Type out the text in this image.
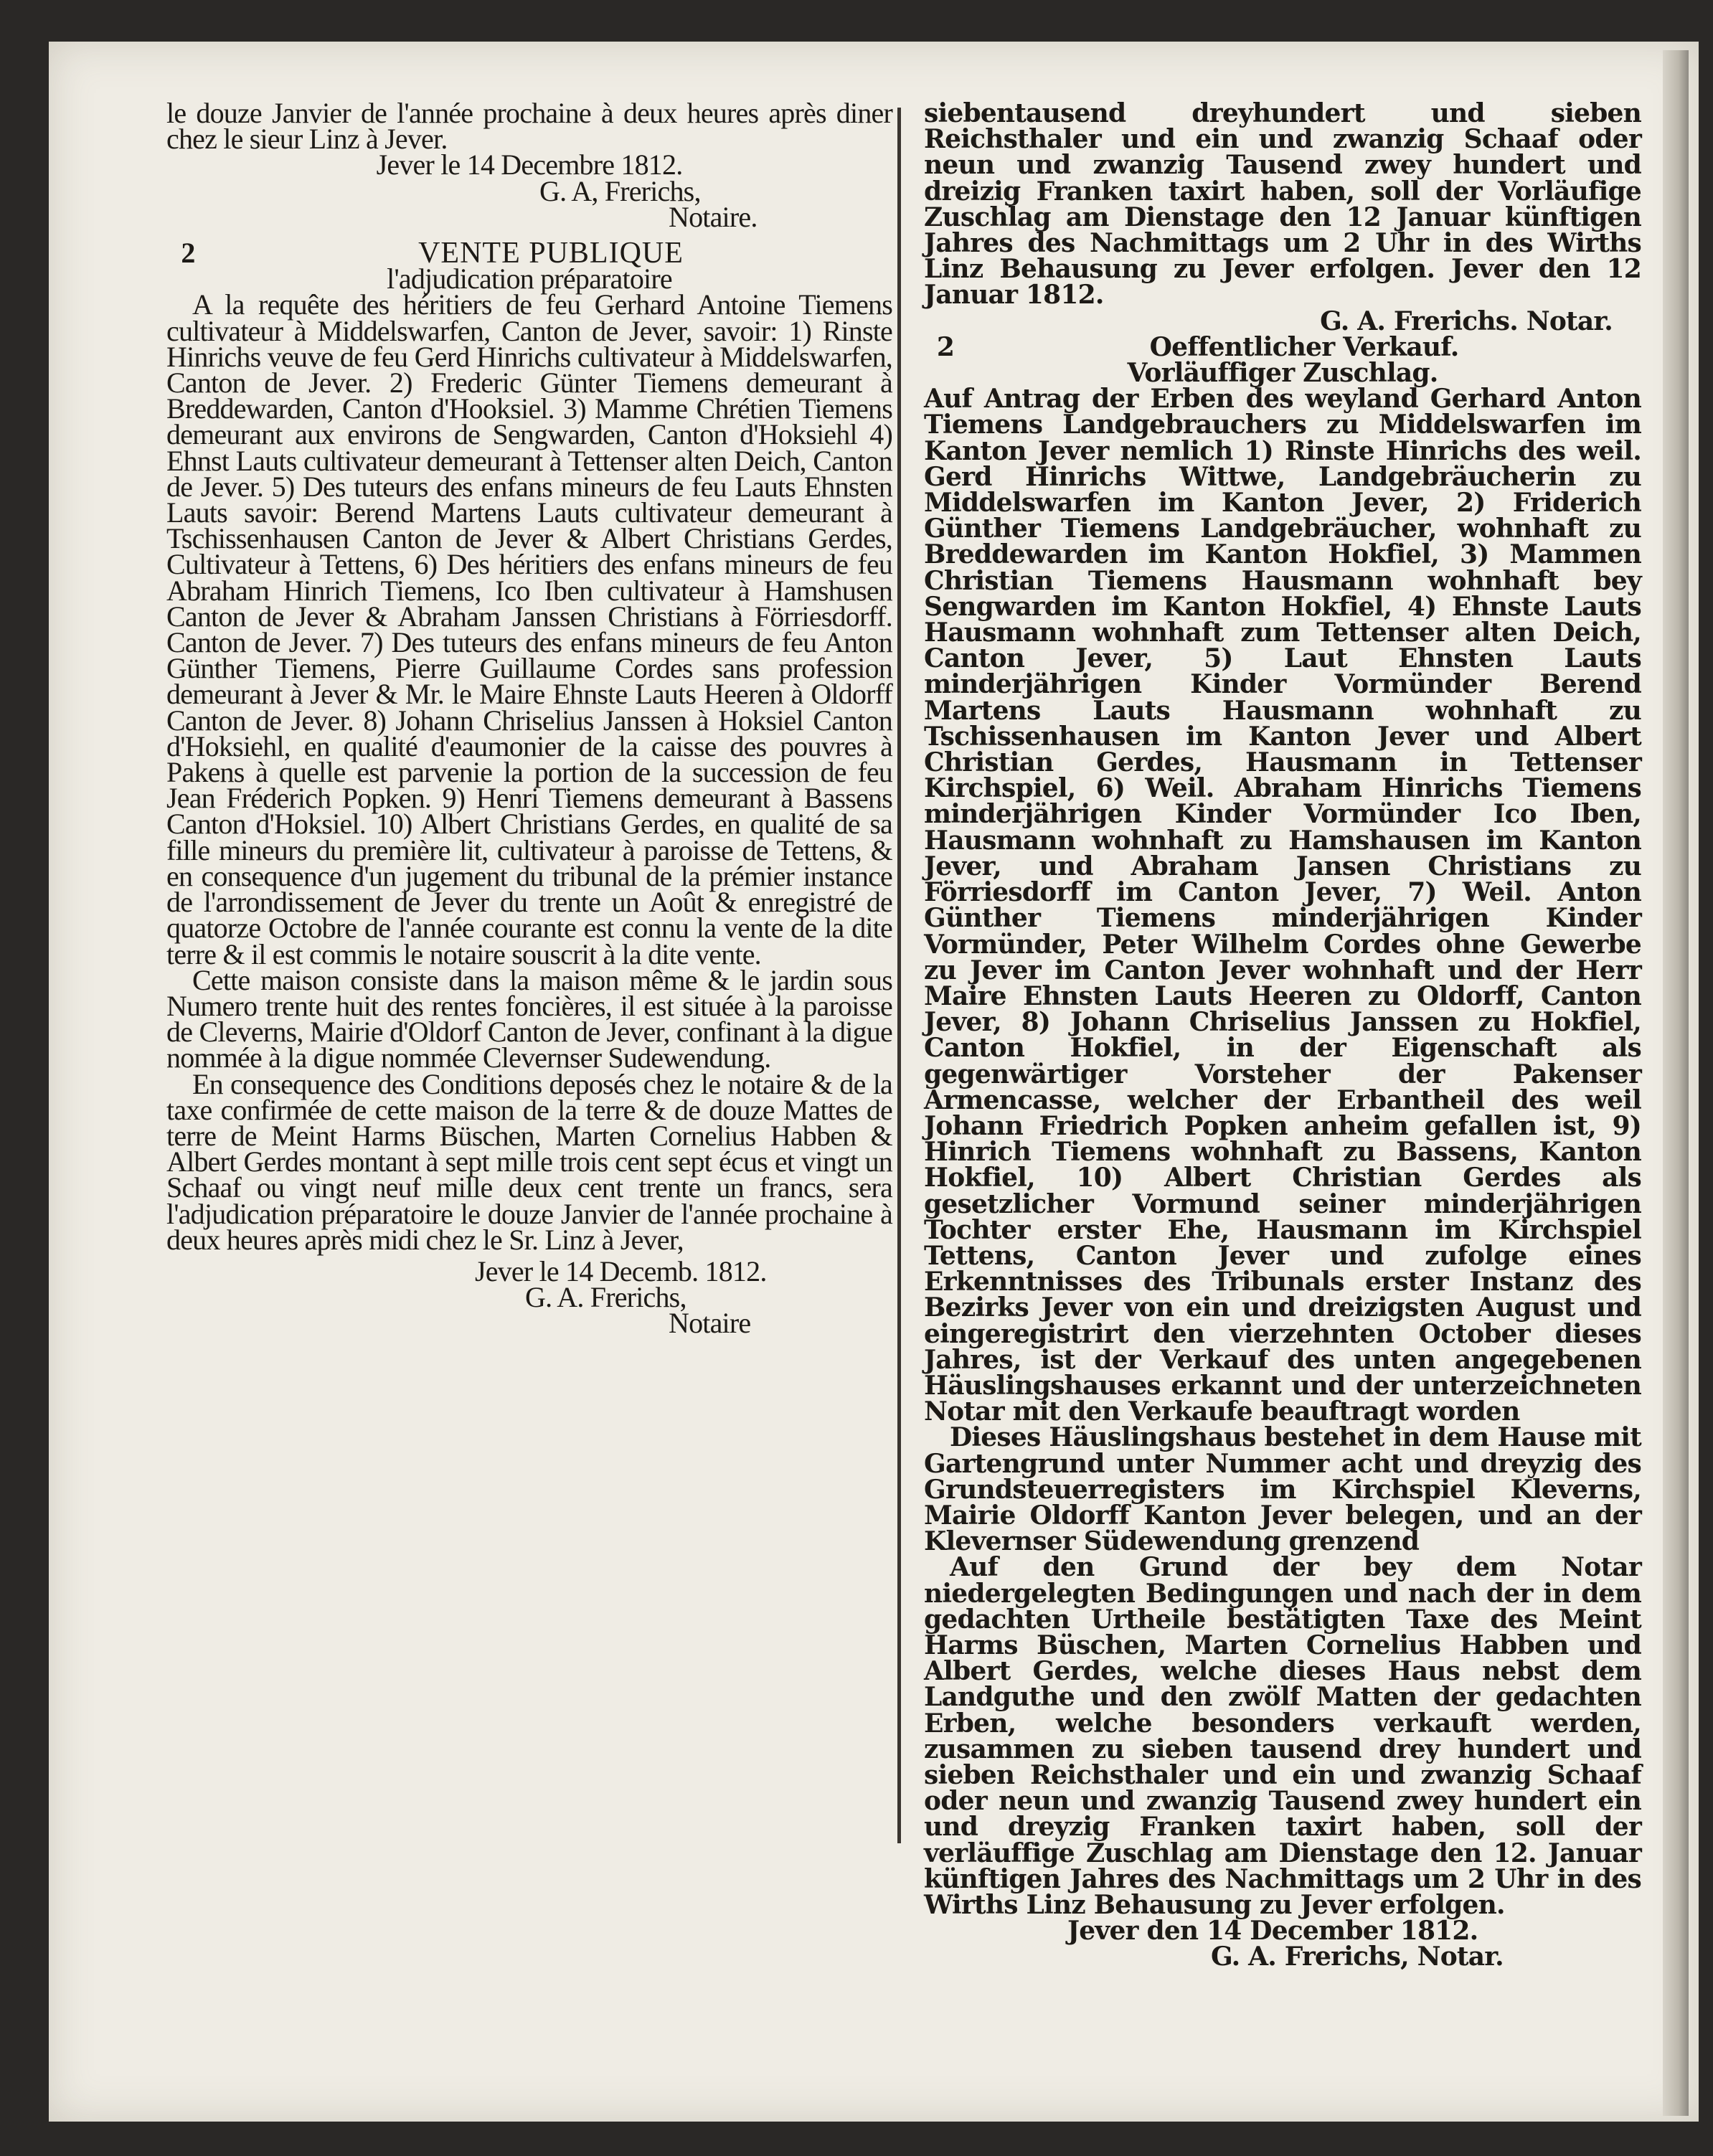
le douze Janvier de l'année prochaine à deux heures après diner chez le sieur Linz à Jever.

Jever le 14 Decembre 1812.

G. A, Frerichs,

Notaire.

2	VENTE PUBLIQUE

l'adjudication préparatoire

A la requête des héritiers de feu Gerhard Antoine Tiemens cultivateur à Middelswarfen, Canton de Jever, savoir: 1) Rinste Hinrichs veuve de feu Gerd Hinrichs cultivateur à Middelswarfen, Canton de Jever. 2) Frederic Günter Tiemens demeurant à Breddewarden, Canton d'Hooksiel. 3) Mamme Chrétien Tiemens demeurant aux environs de Sengwarden, Canton d'Hoksiehl 4) Ehnst Lauts cultivateur demeurant à Tettenser alten Deich, Canton de Jever. 5) Des tuteurs des enfans mineurs de feu Lauts Ehnsten Lauts savoir: Berend Martens Lauts cultivateur demeurant à Tschissenhausen Canton de Jever & Albert Christians Gerdes, Cultivateur à Tettens, 6) Des héritiers des enfans mineurs de feu Abraham Hinrich Tiemens, Ico Iben cultivateur à Hamshusen Canton de Jever & Abraham Janssen Christians à Förriesdorff. Canton de Jever. 7) Des tuteurs des enfans mineurs de feu Anton Günther Tiemens, Pierre Guillaume Cordes sans profession demeurant à Jever & Mr. le Maire Ehnste Lauts Heeren à Oldorff Canton de Jever. 8) Johann Chriselius Janssen à Hoksiel Canton d'Hoksiehl, en qualité d'eaumonier de la caisse des pouvres à Pakens à quelle est parvenie la portion de la succession de feu Jean Fréderich Popken. 9) Henri Tiemens demeurant à Bassens Canton d'Hoksiel. 10) Albert Christians Gerdes, en qualité de sa fille mineurs du première lit, cultivateur à paroisse de Tettens, & en consequence d'un jugement du tribunal de la prémier instance de l'arrondissement de Jever du trente un Août & enregistré de quatorze Octobre de l'année courante est connu la vente de la dite terre & il est commis le notaire souscrit à la dite vente.

Cette maison consiste dans la maison même & le jardin sous Numero trente huit des rentes foncières, il est située à la paroisse de Cleverns, Mairie d'Oldorf Canton de Jever, confinant à la digue nommée à la digue nommée Clevernser Sudewendung.

En consequence des Conditions deposés chez le notaire & de la taxe confirmée de cette maison de la terre & de douze Mattes de terre de Meint Harms Büschen, Marten Cornelius Habben & Albert Gerdes montant à sept mille trois cent sept écus et vingt un Schaaf ou vingt neuf mille deux cent trente un francs, sera l'adjudication préparatoire le douze Janvier de l'année prochaine à deux heures après midi chez le Sr. Linz à Jever,

Jever le 14 Decemb. 1812.

G. A. Frerichs,

Notaire

siebentausend dreyhundert und sieben Reichsthaler und ein und zwanzig Schaaf oder neun und zwanzig Tausend zwey hundert und dreizig Franken taxirt haben, soll der Vorläufige Zuschlag am Dienstage den 12 Januar künftigen Jahres des Nachmittags um 2 Uhr in des Wirths Linz Behausung zu Jever erfolgen. Jever den 12 Januar 1812.

G. A. Frerichs. Notar.

2	Oeffentlicher Verkauf.

Vorläuffiger Zuschlag.

Auf Antrag der Erben des weyland Gerhard Anton Tiemens Landgebrauchers zu Middelswarfen im Kanton Jever nemlich 1) Rinste Hinrichs des weil. Gerd Hinrichs Wittwe, Landgebräucherin zu Middelswarfen im Kanton Jever, 2) Friderich Günther Tiemens Landgebräucher, wohnhaft zu Breddewarden im Kanton Hokfiel, 3) Mammen Christian Tiemens Hausmann wohnhaft bey Sengwarden im Kanton Hokfiel, 4) Ehnste Lauts Hausmann wohnhaft zum Tettenser alten Deich, Canton Jever, 5) Laut Ehnsten Lauts minderjährigen Kinder Vormünder Berend Martens Lauts Hausmann wohnhaft zu Tschissenhausen im Kanton Jever und Albert Christian Gerdes, Hausmann in Tettenser Kirchspiel, 6) Weil. Abraham Hinrichs Tiemens minderjährigen Kinder Vormünder Ico Iben, Hausmann wohnhaft zu Hamshausen im Kanton Jever, und Abraham Jansen Christians zu Förriesdorff im Canton Jever, 7) Weil. Anton Günther Tiemens minderjährigen Kinder Vormünder, Peter Wilhelm Cordes ohne Gewerbe zu Jever im Canton Jever wohnhaft und der Herr Maire Ehnsten Lauts Heeren zu Oldorff, Canton Jever, 8) Johann Chriselius Janssen zu Hokfiel, Canton Hokfiel, in der Eigenschaft als gegenwärtiger Vorsteher der Pakenser Armencasse, welcher der Erbantheil des weil Johann Friedrich Popken anheim gefallen ist, 9) Hinrich Tiemens wohnhaft zu Bassens, Kanton Hokfiel, 10) Albert Christian Gerdes als gesetzlicher Vormund seiner minderjährigen Tochter erster Ehe, Hausmann im Kirchspiel Tettens, Canton Jever und zufolge eines Erkenntnisses des Tribunals erster Instanz des Bezirks Jever von ein und dreizigsten August und eingeregistrirt den vierzehnten October dieses Jahres, ist der Verkauf des unten angegebenen Häuslingshauses erkannt und der unterzeichneten Notar mit den Verkaufe beauftragt worden

Dieses Häuslingshaus bestehet in dem Hause mit Gartengrund unter Nummer acht und dreyzig des Grundsteuerregisters im Kirchspiel Kleverns, Mairie Oldorff Kanton Jever belegen, und an der Klevernser Südewendung grenzend

Auf den Grund der bey dem Notar niedergelegten Bedingungen und nach der in dem gedachten Urtheile bestätigten Taxe des Meint Harms Büschen, Marten Cornelius Habben und Albert Gerdes, welche dieses Haus nebst dem Landguthe und den zwölf Matten der gedachten Erben, welche besonders verkauft werden, zusammen zu sieben tausend drey hundert und sieben Reichsthaler und ein und zwanzig Schaaf oder neun und zwanzig Tausend zwey hundert ein und dreyzig Franken taxirt haben, soll der verläuffige Zuschlag am Dienstage den 12. Januar künftigen Jahres des Nachmittags um 2 Uhr in des Wirths Linz Behausung zu Jever erfolgen.

Jever den 14 December 1812.

G. A. Frerichs, Notar.
